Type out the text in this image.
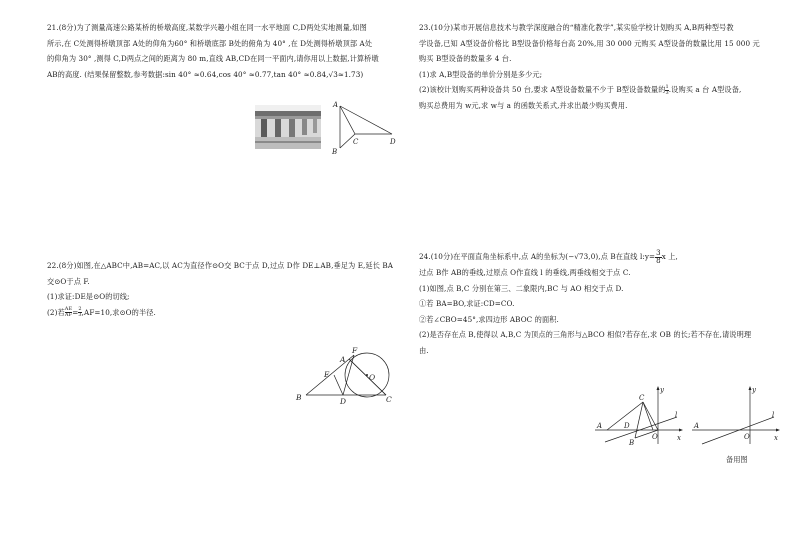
21.(8分)为了测量高速公路某桥的桥墩高度,某数学兴趣小组在同一水平地面 C,D两处实地测量,如图

所示,在 C处测得桥墩顶部 A处的仰角为60° 和桥墩底部 B处的俯角为 40° ,在 D处测得桥墩顶部 A处

的仰角为 30° ,测得 C,D两点之间的距离为 80 m,直线 AB,CD在同一平面内,请你用以上数据,计算桥墩

AB的高度. (结果保留整数,参考数据:sin 40° ≈0.64,cos 40° ≈0.77,tan 40° ≈0.84,√3≈1.73)

A
B
C	D

22.(8分)如图,在△ABC中,AB=AC,以 AC为直径作⊙O交 BC于点 D,过点 D作 DE⊥AB,垂足为 E,延长 BA

交⊙O于点 F.

(1)求证:DE是⊙O的切线;

(2)若 $\frac{AE}{AF} = \frac{2}{3} ,AF=10$,求⊙O的半径.

A
B	C
D
E
F
O

23.(10分)某市开展信息技术与教学深度融合的“精准化教学”,某实验学校计划购买 A,B两种型号教

学设备,已知 A型设备价格比 B型设备价格每台高 20%,用 30 000 元购买 A型设备的数量比用 15 000 元

购买 B型设备的数量多 4 台.

(1)求 A,B型设备的单价分别是多少元;

(2)该校计划购买两种设备共 50 台,要求 A型设备数量不少于 B型设备数量的 $\frac{1}{3}$ .设购买 a 台 A型设备,

购买总费用为 w元,求 w与 a 的函数关系式,并求出最少购买费用.

24.(10分)在平面直角坐标系中,点 A的坐标为(−√73,0),点 B在直线 l:y= $\frac{3}{8}$ x 上,

过点 B作 AB的垂线,过原点 O作直线 l 的垂线,两垂线相交于点 C.

(1)如图,点 B,C 分别在第三、二象限内,BC 与 AO 相交于点 D.

①若 BA=BO,求证:CD=CO.

②若∠CBO=45°,求四边形 ABOC 的面积.

(2)是否存在点 B,使得以 A,B,C 为顶点的三角形与△BCO 相似?若存在,求 OB 的长;若不存在,请说明理

由.

y
x
l
A
B
C
D
O
y
x
l
A
O
备用图
